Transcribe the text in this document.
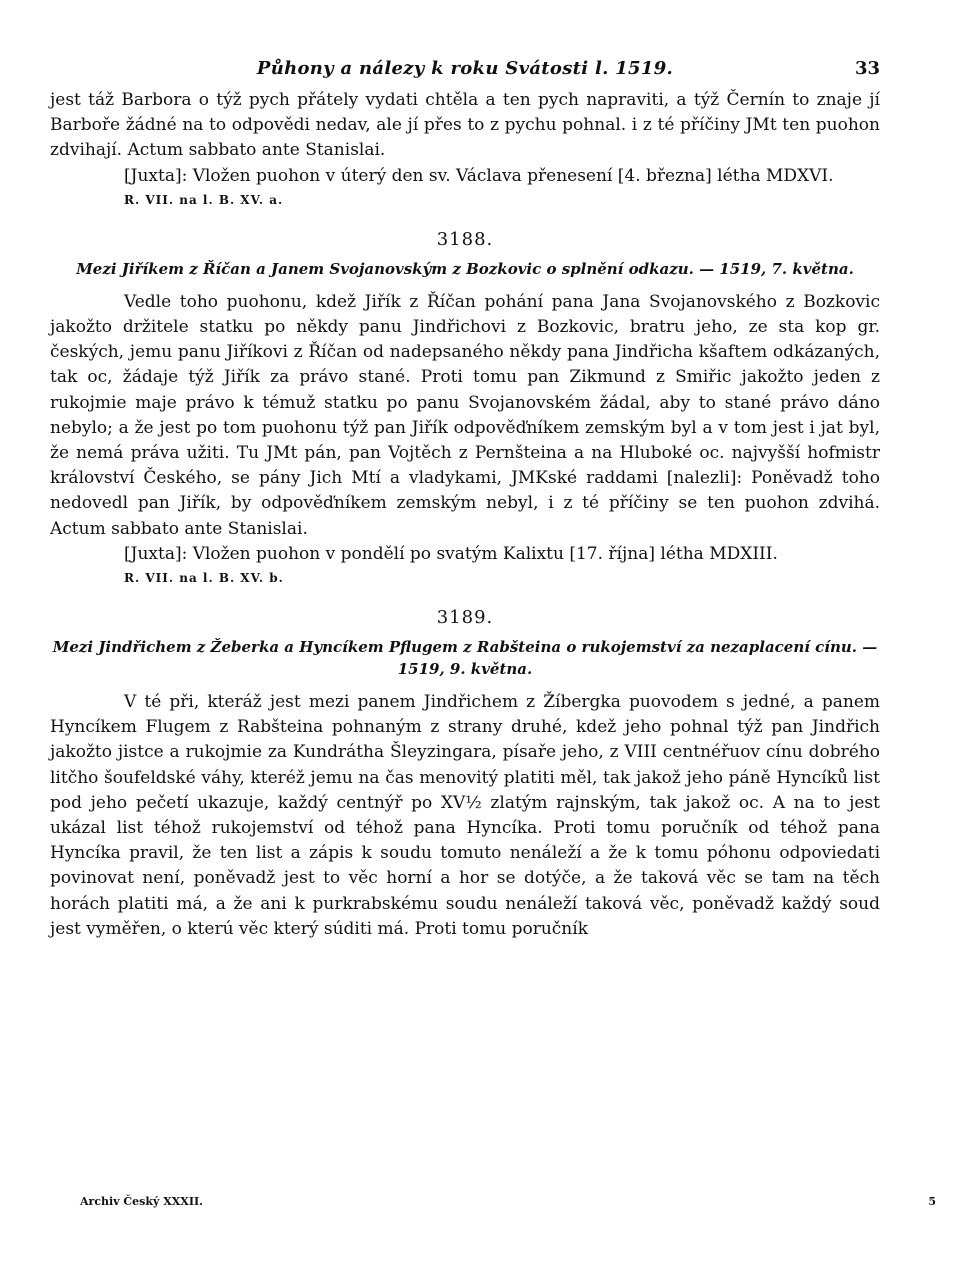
Půhony a nálezy k roku Svátosti l. 1519.	33

jest táž Barbora o týž pych přátely vydati chtěla a ten pych napraviti, a týž Černín to znaje jí Barboře žádné na to odpovědi nedav, ale jí přes to z pychu pohnal. i z té příčiny JMt ten puohon zdvihají. Actum sabbato ante Stanislai.

[Juxta]: Vložen puohon v úterý den sv. Václava přenesení [4. března] létha MDXVI.

R. VII. na l. B. XV. a.

3188.
Mezi Jiříkem z Říčan a Janem Svojanovským z Bozkovic o splnění odkazu. — 1519, 7. května.

Vedle toho puohonu, kdež Jiřík z Říčan pohání pana Jana Svojanovského z Bozkovic jakožto držitele statku po někdy panu Jindřichovi z Bozkovic, bratru jeho, ze sta kop gr. českých, jemu panu Jiříkovi z Říčan od nadepsaného někdy pana Jindřicha kšaftem odkázaných, tak oc, žádaje týž Jiřík za právo stané. Proti tomu pan Zikmund z Smiřic jakožto jeden z rukojmie maje právo k témuž statku po panu Svojanovském žádal, aby to stané právo dáno nebylo; a že jest po tom puohonu týž pan Jiřík odpověďníkem zemským byl a v tom jest i jat byl, že nemá práva užiti. Tu JMt pán, pan Vojtěch z Pernšteina a na Hluboké oc. najvyšší hofmistr království Českého, se pány Jich Mtí a vladykami, JMKské raddami [nalezli]: Poněvadž toho nedovedl pan Jiřík, by odpověďníkem zemským nebyl, i z té příčiny se ten puohon zdvihá. Actum sabbato ante Stanislai.

[Juxta]: Vložen puohon v pondělí po svatým Kalixtu [17. října] létha MDXIII.

R. VII. na l. B. XV. b.

3189.
Mezi Jindřichem z Žeberka a Hyncíkem Pflugem z Rabšteina o rukojemství za nezaplacení cínu. — 1519, 9. května.

V té při, kteráž jest mezi panem Jindřichem z Žíbergka puovodem s jedné, a panem Hyncíkem Flugem z Rabšteina pohnaným z strany druhé, kdež jeho pohnal týž pan Jindřich jakožto jistce a rukojmie za Kundrátha Šleyzingara, písaře jeho, z VIII centnéřuov cínu dobrého litčho šoufeldské váhy, kteréž jemu na čas menovitý platiti měl, tak jakož jeho páně Hyncíků list pod jeho pečetí ukazuje, každý centnýř po XV½ zlatým rajnským, tak jakož oc. A na to jest ukázal list téhož rukojemství od téhož pana Hyncíka. Proti tomu poručník od téhož pana Hyncíka pravil, že ten list a zápis k soudu tomuto nenáleží a že k tomu póhonu odpoviedati povinovat není, poněvadž jest to věc horní a hor se dotýče, a že taková věc se tam na těch horách platiti má, a že ani k purkrabskému soudu nenáleží taková věc, poněvadž každý soud jest vyměřen, o kterú věc který súditi má. Proti tomu poručník

Archiv Český XXXII.	5
